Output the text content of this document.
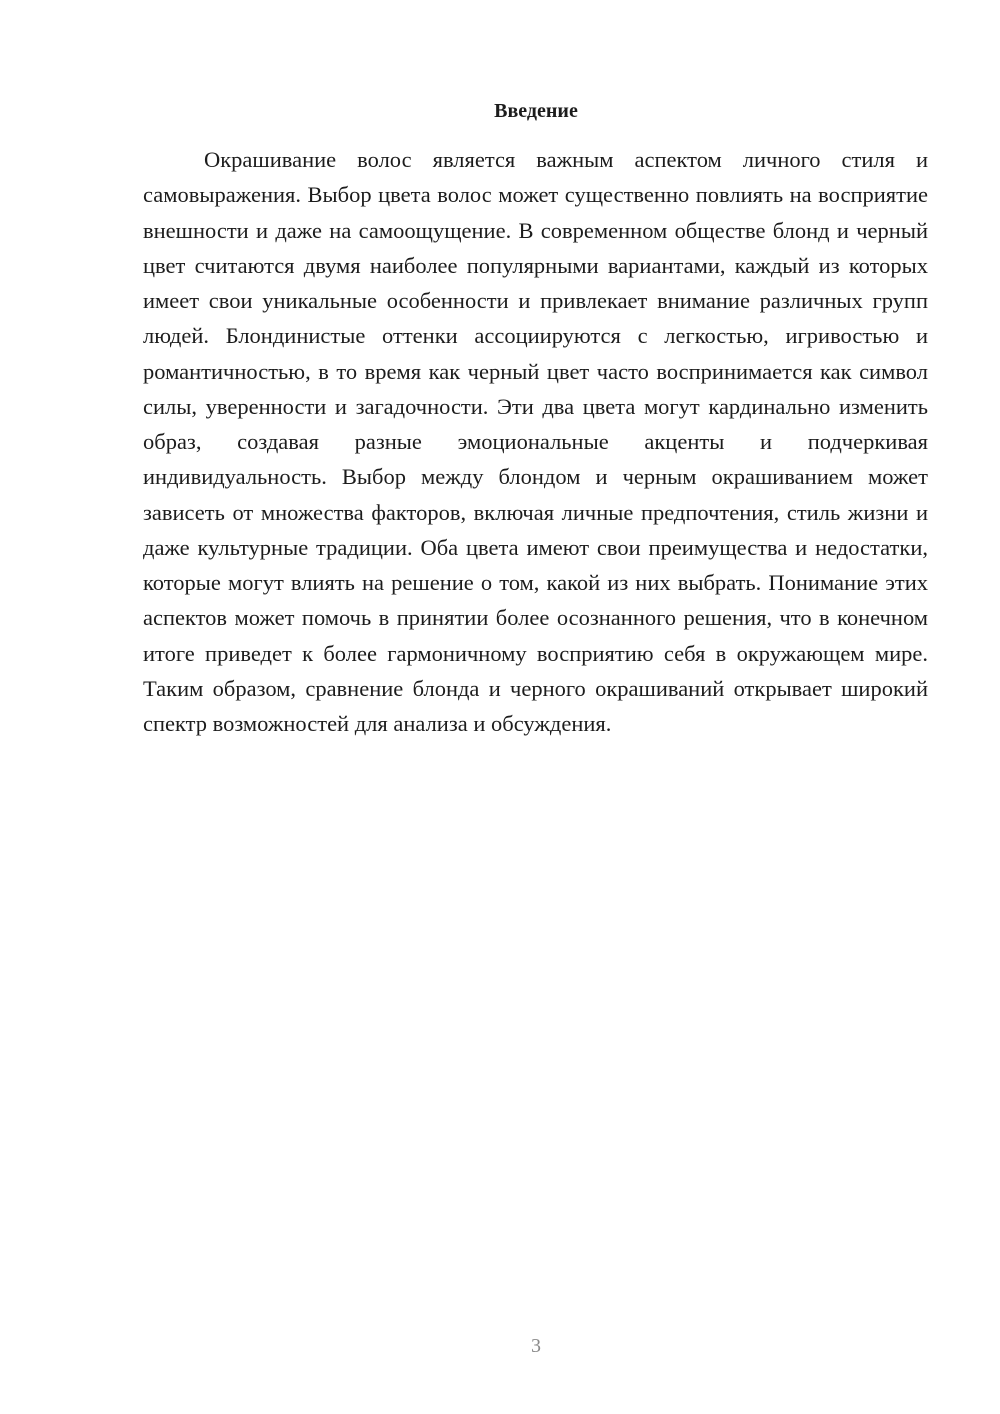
Введение

Окрашивание волос является важным аспектом личного стиля и самовыражения. Выбор цвета волос может существенно повлиять на восприятие внешности и даже на самоощущение. В современном обществе блонд и черный цвет считаются двумя наиболее популярными вариантами, каждый из которых имеет свои уникальные особенности и привлекает внимание различных групп людей. Блондинистые оттенки ассоциируются с легкостью, игривостью и романтичностью, в то время как черный цвет часто воспринимается как символ силы, уверенности и загадочности. Эти два цвета могут кардинально изменить образ, создавая разные эмоциональные акценты и подчеркивая индивидуальность. Выбор между блондом и черным окрашиванием может зависеть от множества факторов, включая личные предпочтения, стиль жизни и даже культурные традиции. Оба цвета имеют свои преимущества и недостатки, которые могут влиять на решение о том, какой из них выбрать. Понимание этих аспектов может помочь в принятии более осознанного решения, что в конечном итоге приведет к более гармоничному восприятию себя в окружающем мире. Таким образом, сравнение блонда и черного окрашиваний открывает широкий спектр возможностей для анализа и обсуждения.

3
